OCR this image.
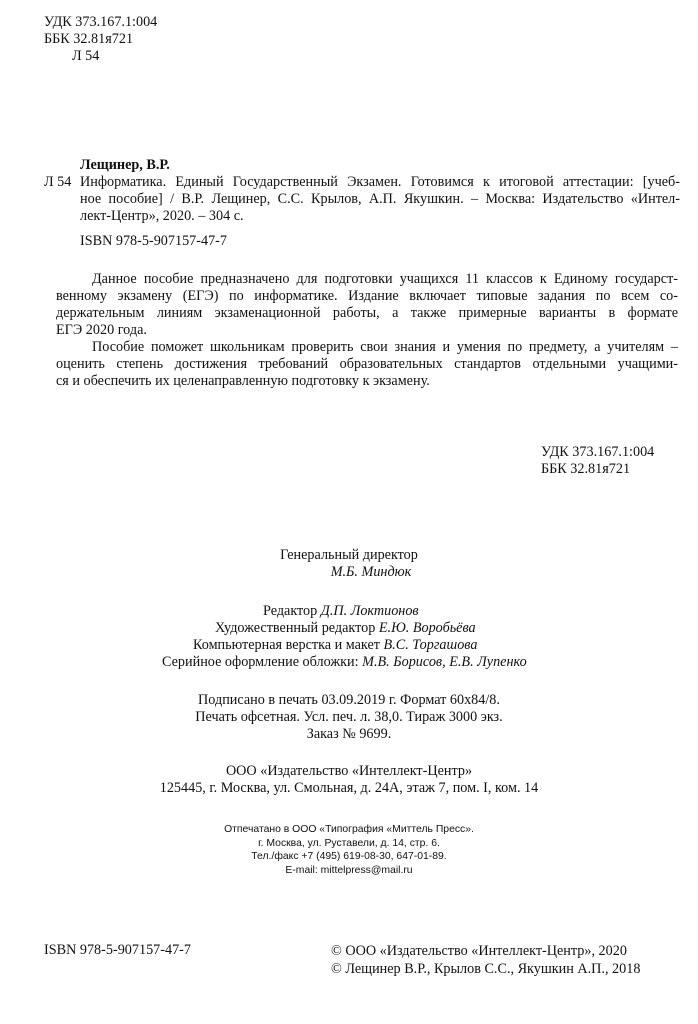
УДК 373.167.1:004
ББК 32.81я721
Л 54
Лещинер, В.Р.
Л 54 Информатика. Единый Государственный Экзамен. Готовимся к итоговой аттестации: [учеб-
ное пособие] / В.Р. Лещинер, С.С. Крылов, А.П. Якушкин. – Москва: Издательство «Интел-
лект-Центр», 2020. – 304 с.
ISBN 978-5-907157-47-7
Данное пособие предназначено для подготовки учащихся 11 классов к Единому государст-
венному экзамену (ЕГЭ) по информатике. Издание включает типовые задания по всем со-
держательным линиям экзаменационной работы, а также примерные варианты в формате
ЕГЭ 2020 года.
Пособие поможет школьникам проверить свои знания и умения по предмету, а учителям –
оценить степень достижения требований образовательных стандартов отдельными учащими-
ся и обеспечить их целенаправленную подготовку к экзамену.
УДК 373.167.1:004
ББК 32.81я721
Генеральный директор
М.Б. Миндюк
Редактор Д.П. Локтионов
Художественный редактор Е.Ю. Воробьёва
Компьютерная верстка и макет В.С. Торгашова
Серийное оформление обложки: М.В. Борисов, Е.В. Лупенко
Подписано в печать 03.09.2019 г. Формат 60х84/8.
Печать офсетная. Усл. печ. л. 38,0. Тираж 3000 экз.
Заказ № 9699.
ООО «Издательство «Интеллект-Центр»
125445, г. Москва, ул. Смольная, д. 24А, этаж 7, пом. I, ком. 14
Отпечатано в ООО «Типография «Миттель Пресс».
г. Москва, ул. Руставели, д. 14, стр. 6.
Тел./факс +7 (495) 619-08-30, 647-01-89.
E-mail: mittelpress@mail.ru
ISBN 978-5-907157-47-7	© ООО «Издательство «Интеллект-Центр», 2020
© Лещинер В.Р., Крылов С.С., Якушкин А.П., 2018
